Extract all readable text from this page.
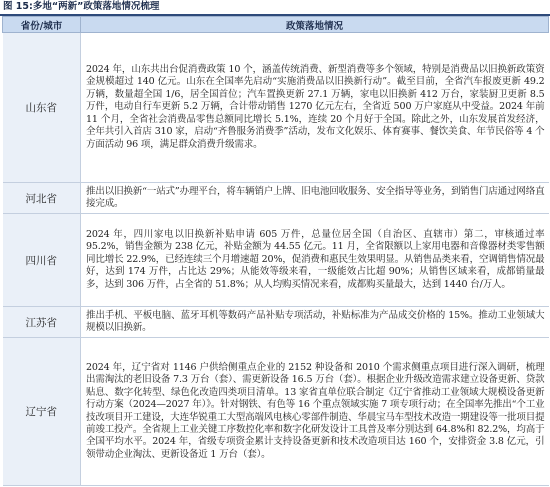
图 15:多地“两新”政策落地情况梳理
省份/城市	政策落地情况
山东省	2024 年，山东共出台促消费政策 10 个，涵盖传统消费、新型消费等多个领域，特别是消费品以旧换新政策资金规模超过 140 亿元。山东在全国率先启动“实施消费品以旧换新行动”。截至目前，全省汽车报废更新 49.2 万辆，数量超全国 1/6，居全国首位；汽车置换更新 27.1 万辆，家电以旧换新 412 万台，家装厨卫更新 8.5 万件，电动自行车更新 5.2 万辆，合计带动销售 1270 亿元左右，全省近 500 万户家庭从中受益。2024 年前 11 个月，全省社会消费品零售总额同比增长 5.1%，连续 20 个月好于全国。除此之外，山东发展首发经济，全年共引入首店 310 家，启动“齐鲁服务消费季”活动，发布文化娱乐、体育赛事、餐饮美食、年节民俗等 4 个方面活动 96 项，满足群众消费升级需求。
河北省	推出以旧换新“一站式”办理平台，将车辆销户上牌、旧电池回收服务、安全指导等业务，到销售门店通过网络直接完成。
四川省	2024 年，四川家电以旧换新补贴申请 605 万件，总量位居全国（自治区、直辖市）第二，审核通过率 95.2%，销售金额为 238 亿元，补贴金额为 44.55 亿元。11 月，全省限额以上家用电器和音像器材类零售额同比增长 22.9%，已经连续三个月增速超 20%，促消费和惠民生效果明显。从销售品类来看，空调销售情况最好，达到 174 万件，占比达 29%；从能效等级来看，一级能效占比超 90%；从销售区域来看，成都销量最多，达到 306 万件，占全省的 51.8%；从人均购买情况来看，成都购买量最大，达到 1440 台/万人。
江苏省	推出手机、平板电脑、蓝牙耳机等数码产品补贴专项活动，补贴标准为产品成交价格的 15%。推动工业领域大规模以旧换新。
辽宁省	2024 年，辽宁省对 1146 户供给侧重点企业的 2152 种设备和 2010 个需求侧重点项目进行深入调研，梳理出需淘汰的老旧设备 7.3 万台（套）、需更新设备 16.5 万台（套）。根据企业升级改造需求建立设备更新、贷款贴息、数字化转型、绿色化改造四类项目清单。13 家省直单位联合制定《辽宁省推动工业领域大规模设备更新行动方案（2024—2027 年）》。针对钢铁、有色等 16 个重点领域实施 7 项专项行动；在全国率先推出“个工业技改项目开工建设，大连华锐重工大型高端风电核心零部件制造、华晨宝马车型技术改造一期建设等一批项目提前竣工投产。全省规上工业关键工序数控化率和数字化研发设计工具普及率分别达到 64.8%和 82.2%，均高于全国平均水平。2024 年，省级专项资金累计支持设备更新和技术改造项目达 160 个，安排资金 3.8 亿元，引领带动企业淘汰、更新设备近 1 万台（套）。
